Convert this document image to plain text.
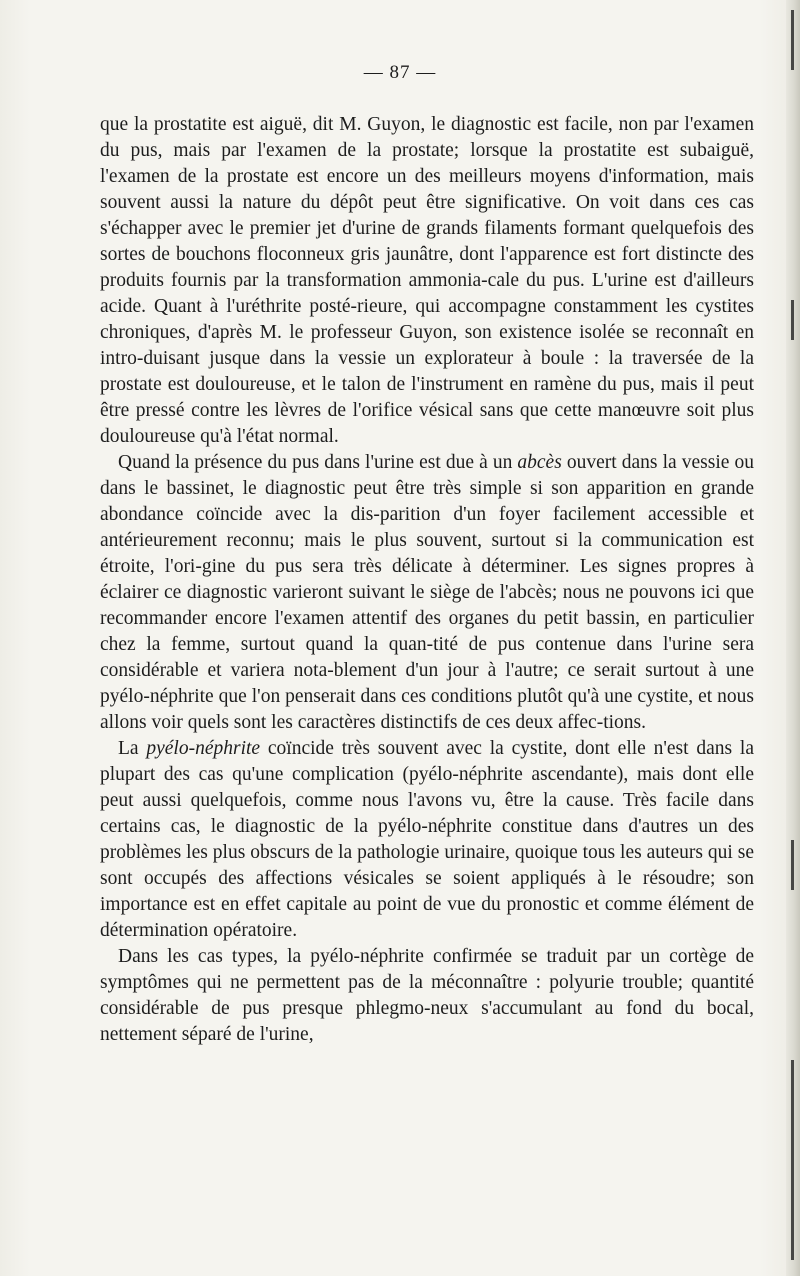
— 87 —

que la prostatite est aiguë, dit M. Guyon, le diagnostic est facile, non par l'examen du pus, mais par l'examen de la prostate; lorsque la prostatite est subaiguë, l'examen de la prostate est encore un des meilleurs moyens d'information, mais souvent aussi la nature du dépôt peut être significative. On voit dans ces cas s'échapper avec le premier jet d'urine de grands filaments formant quelquefois des sortes de bouchons floconneux gris jaunâtre, dont l'apparence est fort distincte des produits fournis par la transformation ammonia-cale du pus. L'urine est d'ailleurs acide. Quant à l'uréthrite posté-rieure, qui accompagne constamment les cystites chroniques, d'après M. le professeur Guyon, son existence isolée se reconnaît en intro-duisant jusque dans la vessie un explorateur à boule : la traversée de la prostate est douloureuse, et le talon de l'instrument en ramène du pus, mais il peut être pressé contre les lèvres de l'orifice vésical sans que cette manœuvre soit plus douloureuse qu'à l'état normal.

Quand la présence du pus dans l'urine est due à un abcès ouvert dans la vessie ou dans le bassinet, le diagnostic peut être très simple si son apparition en grande abondance coïncide avec la dis-parition d'un foyer facilement accessible et antérieurement reconnu; mais le plus souvent, surtout si la communication est étroite, l'ori-gine du pus sera très délicate à déterminer. Les signes propres à éclairer ce diagnostic varieront suivant le siège de l'abcès; nous ne pouvons ici que recommander encore l'examen attentif des organes du petit bassin, en particulier chez la femme, surtout quand la quan-tité de pus contenue dans l'urine sera considérable et variera nota-blement d'un jour à l'autre; ce serait surtout à une pyélo-néphrite que l'on penserait dans ces conditions plutôt qu'à une cystite, et nous allons voir quels sont les caractères distinctifs de ces deux affec-tions.

La pyélo-néphrite coïncide très souvent avec la cystite, dont elle n'est dans la plupart des cas qu'une complication (pyélo-néphrite ascendante), mais dont elle peut aussi quelquefois, comme nous l'avons vu, être la cause. Très facile dans certains cas, le diagnostic de la pyélo-néphrite constitue dans d'autres un des problèmes les plus obscurs de la pathologie urinaire, quoique tous les auteurs qui se sont occupés des affections vésicales se soient appliqués à le résoudre; son importance est en effet capitale au point de vue du pronostic et comme élément de détermination opératoire.

Dans les cas types, la pyélo-néphrite confirmée se traduit par un cortège de symptômes qui ne permettent pas de la méconnaître : polyurie trouble; quantité considérable de pus presque phlegmo-neux s'accumulant au fond du bocal, nettement séparé de l'urine,
